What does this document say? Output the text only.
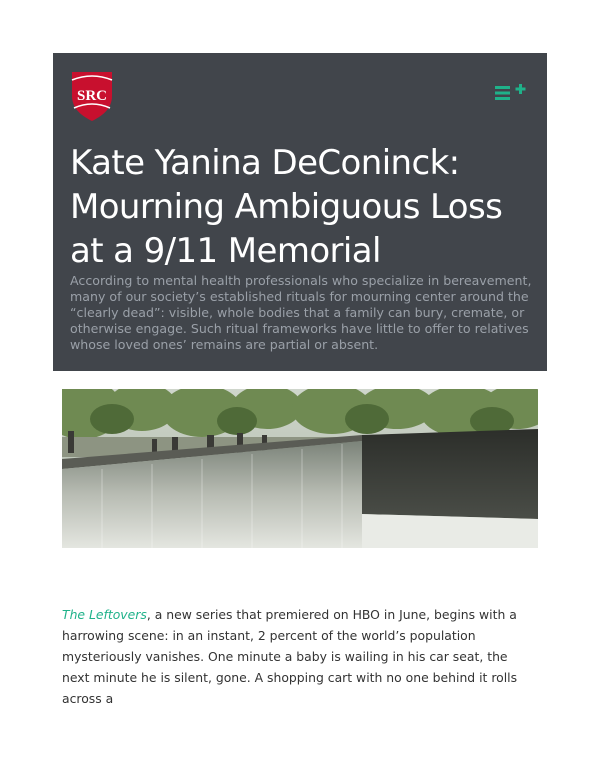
SRC
Kate Yanina DeConinck: Mourning Ambiguous Loss at a 9/11 Memorial

According to mental health professionals who specialize in bereavement, many of our society’s established rituals for mourning center around the “clearly dead”: visible, whole bodies that a family can bury, cremate, or otherwise engage. Such ritual frameworks have little to offer to relatives whose loved ones’ remains are partial or absent.

The Leftovers, a new series that premiered on HBO in June, begins with a harrowing scene: in an instant, 2 percent of the world’s population mysteriously vanishes. One minute a baby is wailing in his car seat, the next minute he is silent, gone. A shopping cart with no one behind it rolls across a
